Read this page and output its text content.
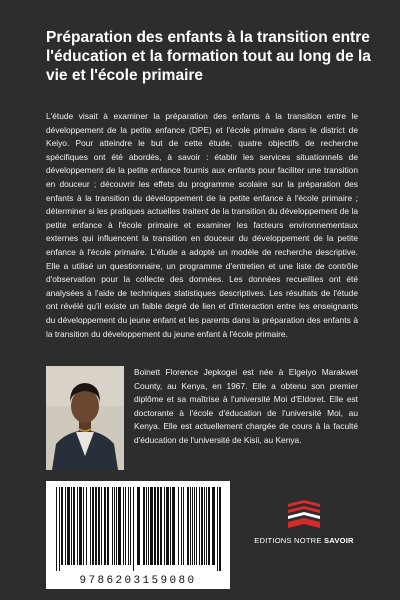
Préparation des enfants à la transition entre l'éducation et la formation tout au long de la vie et l'école primaire

L'étude visait à examiner la préparation des enfants à la transition entre le développement de la petite enfance (DPE) et l'école primaire dans le district de Keiyo. Pour atteindre le but de cette étude, quatre objectifs de recherche spécifiques ont été abordés, à savoir : établir les services situationnels de développement de la petite enfance fournis aux enfants pour faciliter une transition en douceur ; découvrir les effets du programme scolaire sur la préparation des enfants à la transition du développement de la petite enfance à l'école primaire ; déterminer si les pratiques actuelles traitent de la transition du développement de la petite enfance à l'école primaire et examiner les facteurs environnementaux externes qui influencent la transition en douceur du développement de la petite enfance à l'école primaire. L'étude a adopté un modèle de recherche descriptive. Elle a utilisé un questionnaire, un programme d'entretien et une liste de contrôle d'observation pour la collecte des données. Les données recueillies ont été analysées à l'aide de techniques statistiques descriptives. Les résultats de l'étude ont révélé qu'il existe un faible degré de lien et d'interaction entre les enseignants du développement du jeune enfant et les parents dans la préparation des enfants à la transition du développement du jeune enfant à l'école primaire.

Boinett Florence Jepkogei est née à Elgeiyo Marakwet County, au Kenya, en 1967. Elle a obtenu son premier diplôme et sa maîtrise à l'université Moi d'Eldoret. Elle est doctorante à l'école d'éducation de l'université Moi, au Kenya. Elle est actuellement chargée de cours à la faculté d'éducation de l'université de Kisii, au Kenya.

9786203159080
EDITIONS NOTRE SAVOIR
